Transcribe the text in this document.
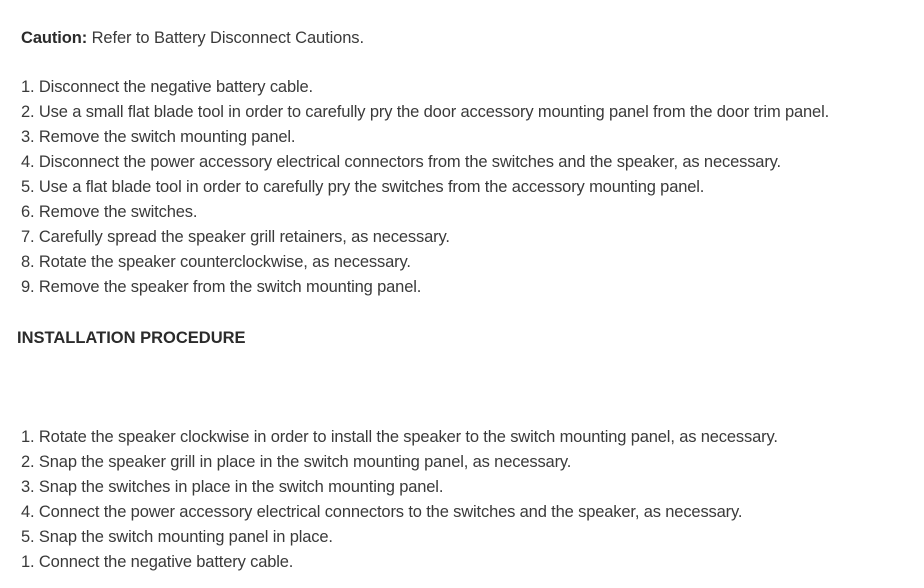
Caution: Refer to Battery Disconnect Cautions.
1. Disconnect the negative battery cable.
2. Use a small flat blade tool in order to carefully pry the door accessory mounting panel from the door trim panel.
3. Remove the switch mounting panel.
4. Disconnect the power accessory electrical connectors from the switches and the speaker, as necessary.
5. Use a flat blade tool in order to carefully pry the switches from the accessory mounting panel.
6. Remove the switches.
7. Carefully spread the speaker grill retainers, as necessary.
8. Rotate the speaker counterclockwise, as necessary.
9. Remove the speaker from the switch mounting panel.
INSTALLATION PROCEDURE
1. Rotate the speaker clockwise in order to install the speaker to the switch mounting panel, as necessary.
2. Snap the speaker grill in place in the switch mounting panel, as necessary.
3. Snap the switches in place in the switch mounting panel.
4. Connect the power accessory electrical connectors to the switches and the speaker, as necessary.
5. Snap the switch mounting panel in place.
1. Connect the negative battery cable.
